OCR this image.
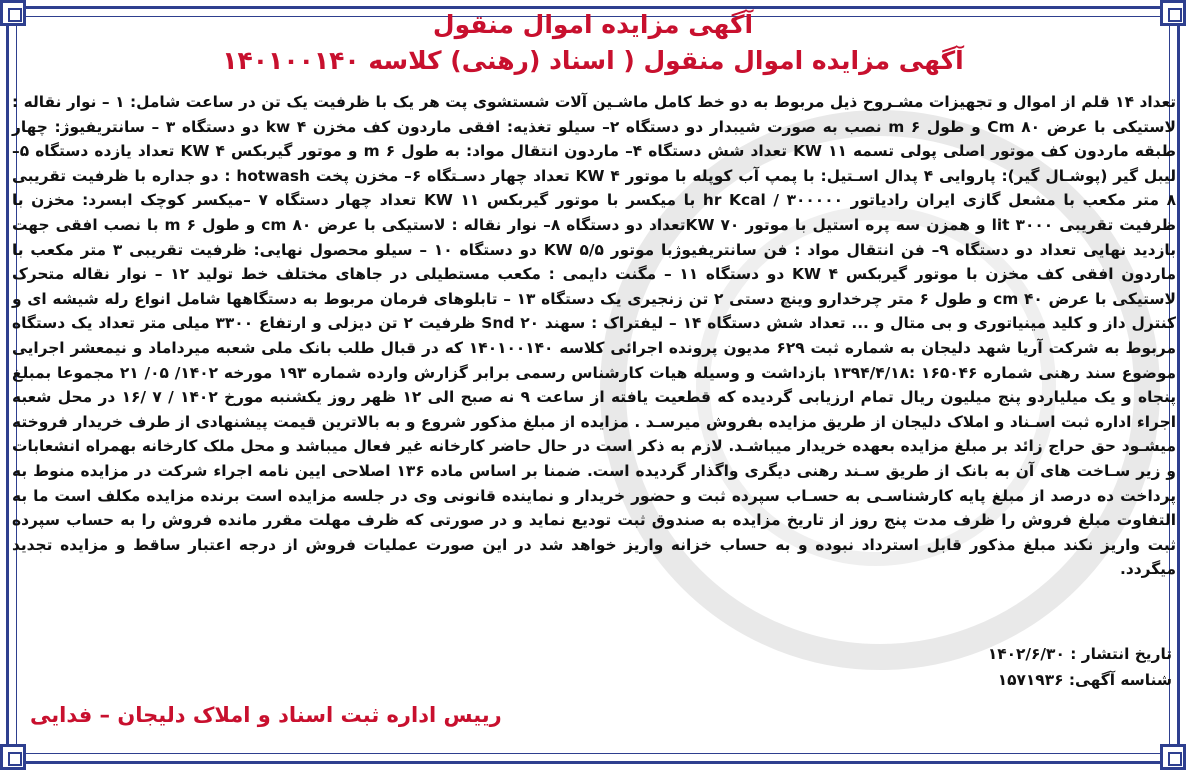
آگهی مزایده اموال منقول
آگهی مزایده اموال منقول ( اسناد (رهنی) کلاسه ۱۴۰۱۰۰۱۴۰

تعداد ۱۴ قلم از اموال و تجهیزات مشـروح ذیل مربوط به دو خط کامل ماشـین آلات شستشوی پت هر یک با ظرفیت یک تن در ساعت شامل: ۱ – نوار نقاله : لاستیکی با عرض ۸۰ Cm و طول ۶ m نصب به صورت شیبدار دو دستگاه ۲– سیلو تغذیه: افقی ماردون کف مخزن ۴ kw دو دستگاه ۳ – سانتریفیوژ: چهار طبقه ماردون کف موتور اصلی پولی تسمه ۱۱ KW تعداد شش دستگاه ۴– ماردون انتقال مواد: به طول ۶ m و موتور گیربکس ۴ KW تعداد یازده دستگاه ۵– لیبل گیر (پوشـال گیر): پاروایی ۴ پدال اسـتیل: با پمپ آب کوپله با موتور ۴ KW تعداد چهار دسـتگاه ۶– مخزن پخت hotwash : دو جداره با ظرفیت تقریبی ۸ متر مکعب با مشعل گازی ایران رادیاتور ۳۰۰۰۰۰ / hr Kcal با میکسر با موتور گیربکس ۱۱ KW تعداد چهار دستگاه ۷ –میکسر کوچک ابسرد: مخزن با ظرفیت تقریبی lit ۳۰۰۰ و همزن سه پره استیل با موتور ۷۰ KWتعداد دو دستگاه ۸– نوار نقاله : لاستیکی با عرض cm ۸۰ و طول ۶ m با نصب افقی جهت بازدید نهایی تعداد دو دستگاه ۹– فن انتقال مواد : فن سانتریفیوژبا موتور ۵/۵ KW دو دستگاه ۱۰ – سیلو محصول نهایی: ظرفیت تقریبی ۳ متر مکعب با ماردون افقی کف مخزن با موتور گیربکس ۴ KW دو دستگاه ۱۱ – مگنت دایمی : مکعب مستطیلی در جاهای مختلف خط تولید ۱۲ – نوار نقاله متحرک لاستیکی با عرض cm ۴۰ و طول ۶ متر چرخدارو وینچ دستی ۲ تن زنجیری یک دستگاه ۱۳ – تابلوهای فرمان مربوط به دستگاهها شامل انواع رله شیشه ای و کنترل داز و کلید مینیاتوری و بی متال و ... تعداد شش دستگاه ۱۴ – لیفتراک : سهند ۲۰ Snd ظرفیت ۲ تن دیزلی و ارتفاع ۳۳۰۰ میلی متر تعداد یک دستگاه مربوط به شرکت آریا شهد دلیجان به شماره ثبت ۶۲۹ مدیون پرونده اجرائی کلاسه ۱۴۰۱۰۰۱۴۰ که در قبال طلب بانک ملی شعبه میرداماد و نیمعشر اجرایی موضوع سند رهنی شماره ۱۶۵۰۴۶ :۱۳۹۴/۴/۱۸ بازداشت و وسیله هیات کارشناس رسمی برابر گزارش وارده شماره ۱۹۳ مورخه ۱۴۰۲/ ۰۵/ ۲۱ مجموعا بمبلغ پنجاه و یک میلیاردو پنج میلیون ریال تمام ارزیابی گردیده که قطعیت یافته از ساعت ۹ نه صبح الی ۱۲ ظهر روز یکشنبه مورخ ۱۴۰۲ / ۷ /۱۶ در محل شعبه اجراء اداره ثبت اسـناد و املاک دلیجان از طریق مزایده بفروش میرسـد . مزایده از مبلغ مذکور شروع و به بالاترین قیمت پیشنهادی از طرف خریدار فروخته میشـود حق حراج زائد بر مبلغ مزایده بعهده خریدار میباشـد. لازم به ذکر است در حال حاضر کارخانه غیر فعال میباشد و محل ملک کارخانه بهمراه انشعابات و زیر سـاخت های آن به بانک از طریق سـند رهنی دیگری واگذار گردیده است. ضمنا بر اساس ماده ۱۳۶ اصلاحی ایین نامه اجراء شرکت در مزایده منوط به پرداخت ده درصد از مبلغ پایه کارشناسـی به حسـاب سپرده ثبت و حضور خریدار و نماینده قانونی وی در جلسه مزایده است برنده مزایده مکلف است ما به التفاوت مبلغ فروش را ظرف مدت پنج روز از تاریخ مزایده به صندوق ثبت تودیع نماید و در صورتی که ظرف مهلت مقرر مانده فروش را به حساب سپرده ثبت واریز نکند مبلغ مذکور قابل استرداد نبوده و به حساب خزانه واریز خواهد شد در این صورت عملیات فروش از درجه اعتبار ساقط و مزایده تجدید میگردد.

تاریخ انتشار : ۱۴۰۲/۶/۳۰
شناسه آگهی: ۱۵۷۱۹۳۶
رییس اداره ثبت اسناد و املاک دلیجان – فدایی
